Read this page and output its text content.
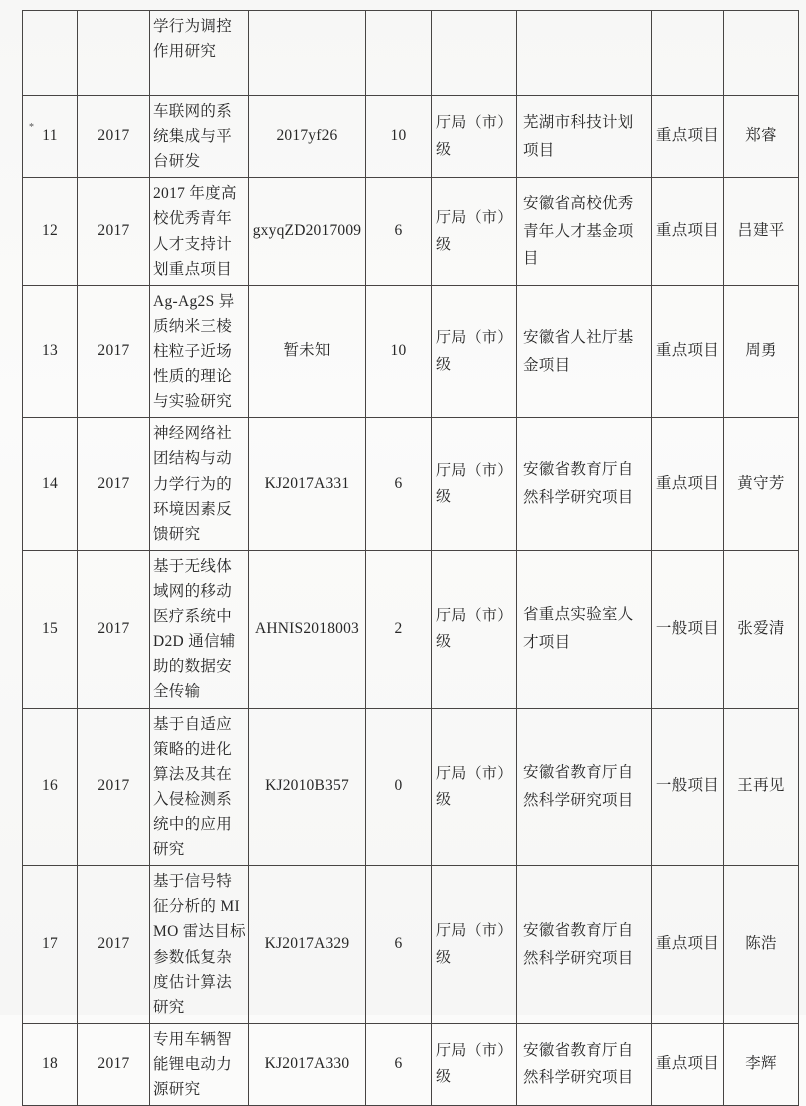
		学行为调控作用研究						

* 11	2017	车联网的系统集成与平台研发	2017yf26	10	厅局（市）级	芜湖市科技计划项目	重点项目	郑睿

12	2017	2017 年度高校优秀青年人才支持计划重点项目	gxyqZD2017009	6	厅局（市）级	安徽省高校优秀青年人才基金项目	重点项目	吕建平

13	2017	Ag-Ag2S 异质纳米三棱柱粒子近场性质的理论与实验研究	暂未知	10	厅局（市）级	安徽省人社厅基金项目	重点项目	周勇

14	2017	神经网络社团结构与动力学行为的环境因素反馈研究	KJ2017A331	6	厅局（市）级	安徽省教育厅自然科学研究项目	重点项目	黄守芳

15	2017	基于无线体域网的移动医疗系统中 D2D 通信辅助的数据安全传输	AHNIS2018003	2	厅局（市）级	省重点实验室人才项目	一般项目	张爱清

16	2017	基于自适应策略的进化算法及其在入侵检测系统中的应用研究	KJ2010B357	0	厅局（市）级	安徽省教育厅自然科学研究项目	一般项目	王再见

17	2017	基于信号特征分析的 MIMO 雷达目标参数低复杂度估计算法研究	KJ2017A329	6	厅局（市）级	安徽省教育厅自然科学研究项目	重点项目	陈浩

18	2017	专用车辆智能锂电动力源研究	KJ2017A330	6	厅局（市）级	安徽省教育厅自然科学研究项目	重点项目	李辉
